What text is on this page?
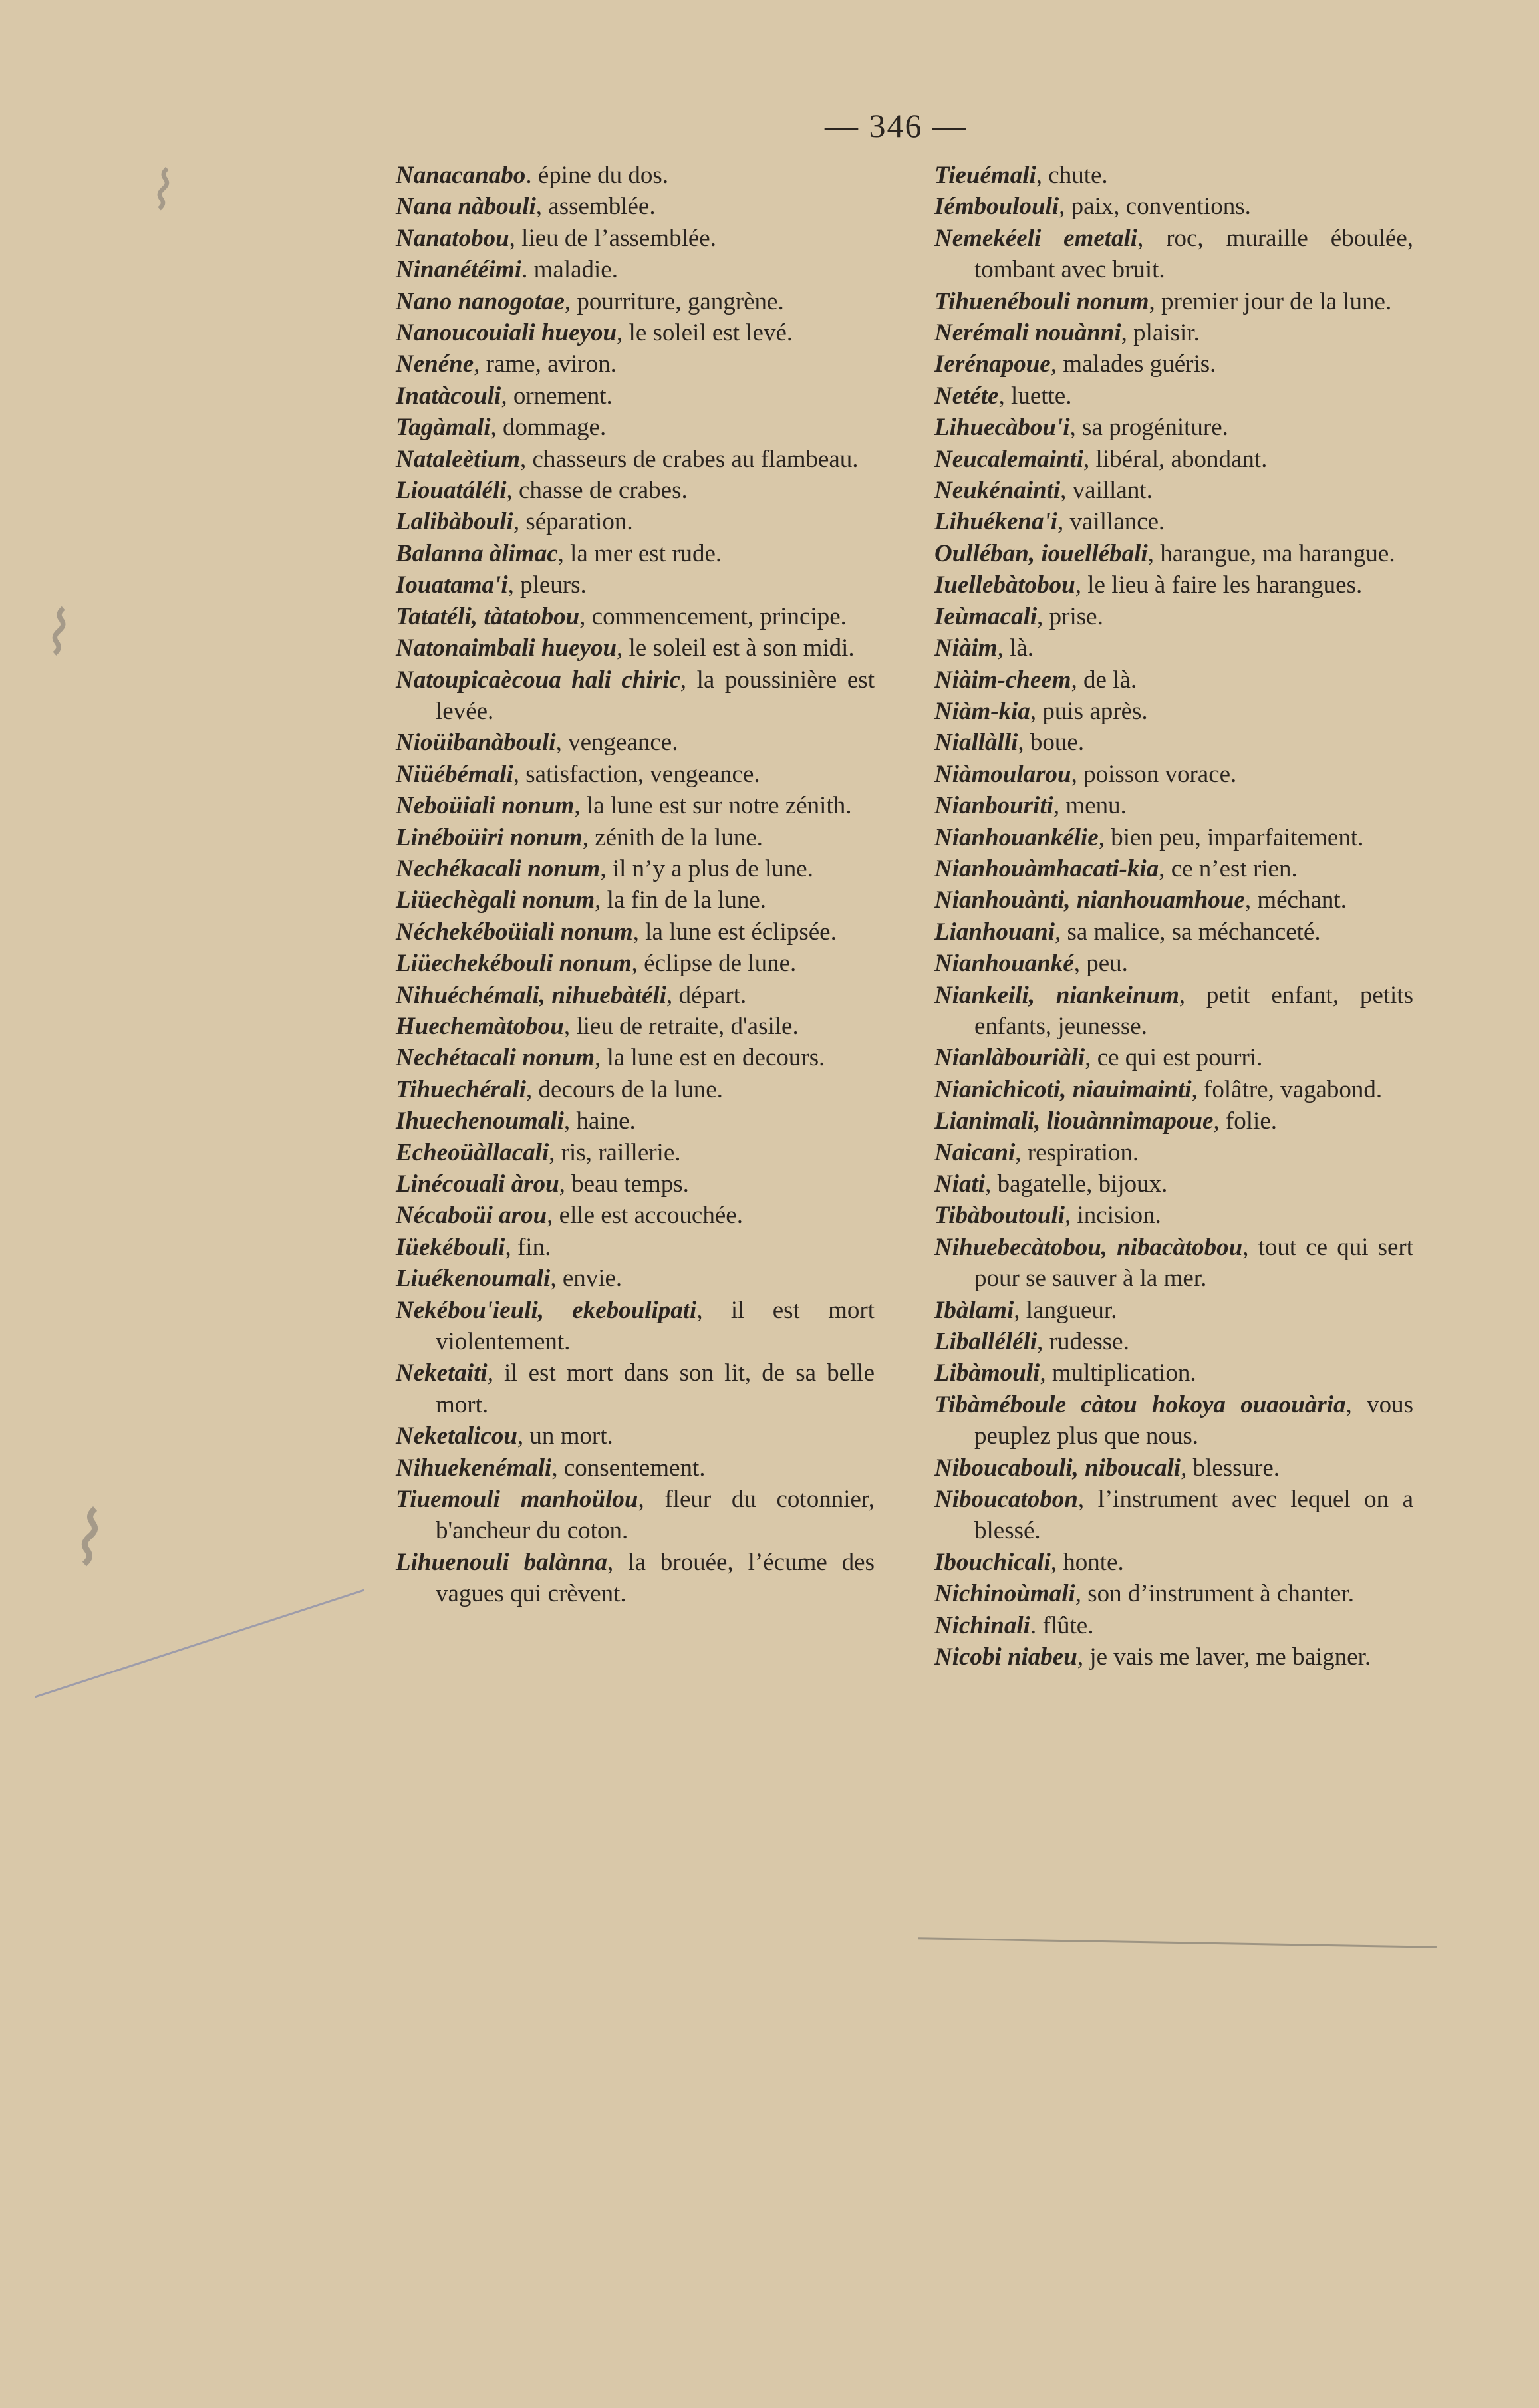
— 346 —

Nanacanabo. épine du dos.

Nana nàbouli, assemblée.

Nanatobou, lieu de l’assemblée.

Ninanétéimi. maladie.

Nano nanogotae, pourriture, gangrène.

Nanoucouiali hueyou, le soleil est levé.

Nenéne, rame, aviron.

Inatàcouli, ornement.

Tagàmali, dommage.

Nataleètium, chasseurs de crabes au flambeau.

Liouatáléli, chasse de crabes.

Lalibàbouli, séparation.

Balanna àlimac, la mer est rude.

Iouatama'i, pleurs.

Tatatéli, tàtatobou, commencement, principe.

Natonaimbali hueyou, le soleil est à son midi.

Natoupicaècoua hali chiric, la poussinière est levée.

Nioüibanàbouli, vengeance.

Niüébémali, satisfaction, vengeance.

Neboüiali nonum, la lune est sur notre zénith.

Linéboüiri nonum, zénith de la lune.

Nechékacali nonum, il n’y a plus de lune.

Liüechègali nonum, la fin de la lune.

Néchekéboüiali nonum, la lune est éclipsée.

Liüechekébouli nonum, éclipse de lune.

Nihuéchémali, nihuebàtéli, départ.

Huechemàtobou, lieu de retraite, d'asile.

Nechétacali nonum, la lune est en decours.

Tihuechérali, decours de la lune.

Ihuechenoumali, haine.

Echeoüàllacali, ris, raillerie.

Linécouali àrou, beau temps.

Nécaboüi arou, elle est accouchée.

Iüekébouli, fin.

Liuékenoumali, envie.

Nekébou'ieuli, ekeboulipati, il est mort violentement.

Neketaiti, il est mort dans son lit, de sa belle mort.

Neketalicou, un mort.

Nihuekenémali, consentement.

Tiuemouli manhoülou, fleur du cotonnier, b'ancheur du coton.

Lihuenouli balànna, la brouée, l’écume des vagues qui crèvent.

Tieuémali, chute.

Iémboulouli, paix, conventions.

Nemekéeli emetali, roc, muraille éboulée, tombant avec bruit.

Tihuenébouli nonum, premier jour de la lune.

Nerémali nouànni, plaisir.

Ierénapoue, malades guéris.

Netéte, luette.

Lihuecàbou'i, sa progéniture.

Neucalemainti, libéral, abondant.

Neukénainti, vaillant.

Lihuékena'i, vaillance.

Oulléban, iouellébali, harangue, ma harangue.

Iuellebàtobou, le lieu à faire les harangues.

Ieùmacali, prise.

Niàim, là.

Niàim-cheem, de là.

Niàm-kia, puis après.

Niallàlli, boue.

Niàmoularou, poisson vorace.

Nianbouriti, menu.

Nianhouankélie, bien peu, imparfaitement.

Nianhouàmhacati-kia, ce n’est rien.

Nianhouànti, nianhouamhoue, méchant.

Lianhouani, sa malice, sa méchanceté.

Nianhouanké, peu.

Niankeili, niankeinum, petit enfant, petits enfants, jeunesse.

Nianlàbouriàli, ce qui est pourri.

Nianichicoti, niauimainti, folâtre, vagabond.

Lianimali, liouànnimapoue, folie.

Naicani, respiration.

Niati, bagatelle, bijoux.

Tibàboutouli, incision.

Nihuebecàtobou, nibacàtobou, tout ce qui sert pour se sauver à la mer.

Ibàlami, langueur.

Liballéléli, rudesse.

Libàmouli, multiplication.

Tibàméboule càtou hokoya ouaouària, vous peuplez plus que nous.

Niboucabouli, niboucali, blessure.

Niboucatobon, l’instrument avec lequel on a blessé.

Ibouchicali, honte.

Nichinoùmali, son d’instrument à chanter.

Nichinali. flûte.

Nicobi niabeu, je vais me laver, me baigner.

⌇
⌇
⌇
